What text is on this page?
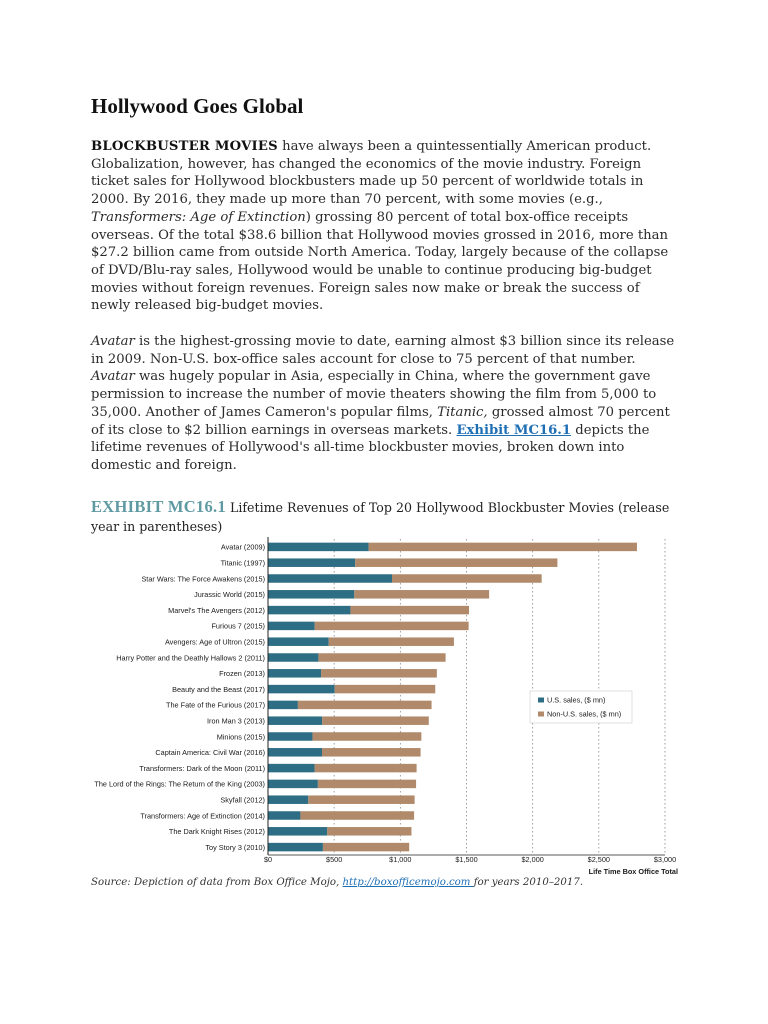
Hollywood Goes Global
BLOCKBUSTER MOVIES have always been a quintessentially American product. Globalization, however, has changed the economics of the movie industry. Foreign ticket sales for Hollywood blockbusters made up 50 percent of worldwide totals in 2000. By 2016, they made up more than 70 percent, with some movies (e.g., Transformers: Age of Extinction) grossing 80 percent of total box-office receipts overseas. Of the total $38.6 billion that Hollywood movies grossed in 2016, more than $27.2 billion came from outside North America. Today, largely because of the collapse of DVD/Blu-ray sales, Hollywood would be unable to continue producing big-budget movies without foreign revenues. Foreign sales now make or break the success of newly released big-budget movies.
Avatar is the highest-grossing movie to date, earning almost $3 billion since its release in 2009. Non-U.S. box-office sales account for close to 75 percent of that number. Avatar was hugely popular in Asia, especially in China, where the government gave permission to increase the number of movie theaters showing the film from 5,000 to 35,000. Another of James Cameron's popular films, Titanic, grossed almost 70 percent of its close to $2 billion earnings in overseas markets. Exhibit MC16.1 depicts the lifetime revenues of Hollywood's all-time blockbuster movies, broken down into domestic and foreign.
EXHIBIT MC16.1 Lifetime Revenues of Top 20 Hollywood Blockbuster Movies (release year in parentheses)
Avatar (2009)
Titanic (1997)
Star Wars: The Force Awakens (2015)
Jurassic World (2015)
Marvel's The Avengers (2012)
Furious 7 (2015)
Avengers: Age of Ultron (2015)
Harry Potter and the Deathly Hallows 2 (2011)
Frozen (2013)
Beauty and the Beast (2017)
The Fate of the Furious (2017)
Iron Man 3 (2013)
Minions (2015)
Captain America: Civil War (2016)
Transformers: Dark of the Moon (2011)
The Lord of the Rings: The Return of the King (2003)
Skyfall (2012)
Transformers: Age of Extinction (2014)
The Dark Knight Rises (2012)
Toy Story 3 (2010)
$0	$500	$1,000	$1,500	$2,000	$2,500	$3,000
Life Time Box Office Total
U.S. sales, ($ mn)
Non-U.S. sales, ($ mn)
Source: Depiction of data from Box Office Mojo, http://boxofficemojo.com for years 2010–2017.
